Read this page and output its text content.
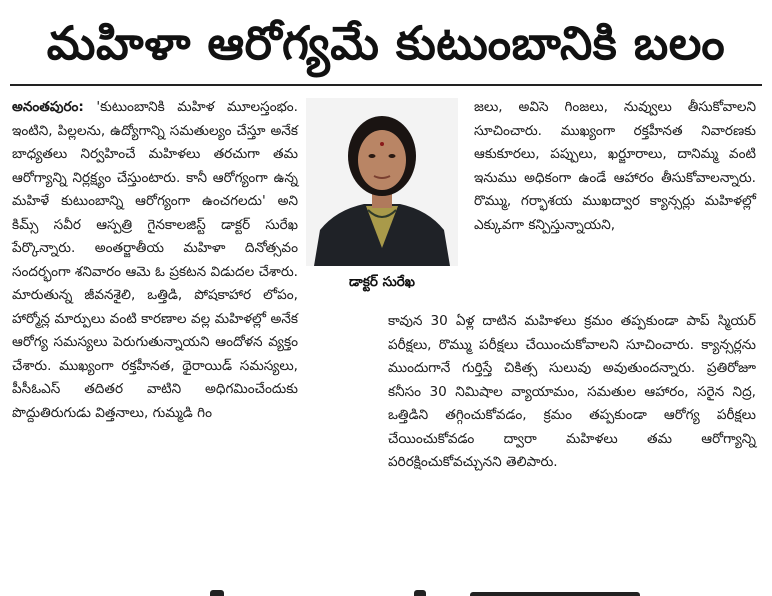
మహిళా ఆరోగ్యమే కుటుంబానికి బలం
అనంతపురం: 'కుటుంబానికి మహిళ మూలస్తంభం. ఇంటిని, పిల్లలను, ఉద్యోగాన్ని సమతుల్యం చేస్తూ అనేక బాధ్యతలు నిర్వహించే మహిళలు తరచుగా తమ ఆరోగ్యాన్ని నిర్లక్ష్యం చేస్తుంటారు. కానీ ఆరోగ్యంగా ఉన్న మహిళే కుటుంబాన్ని ఆరోగ్యంగా ఉంచగలదు' అని కిమ్స్ సవీర ఆస్పత్రి గైనకాలజిస్ట్ డాక్టర్ సురేఖ పేర్కొన్నారు. అంతర్జాతీయ మహిళా దినోత్సవం సందర్భంగా శనివారం ఆమె ఓ ప్రకటన విడుదల చేశారు. మారుతున్న జీవనశైలి, ఒత్తిడి, పోషకాహార లోపం, హార్మోన్ల మార్పులు వంటి కారణాల వల్ల మహిళల్లో అనేక ఆరోగ్య సమస్యలు పెరుగుతున్నాయని ఆందోళన వ్యక్తం చేశారు. ముఖ్యంగా రక్తహీనత, థైరాయిడ్ సమస్యలు, పీసీఓఎస్ తదితర వాటిని అధిగమించేందుకు పొద్దుతిరుగుడు విత్తనాలు, గుమ్మడి గిం
డాక్టర్ సురేఖ
జలు, అవిసె గింజలు, నువ్వులు తీసుకోవాలని సూచించారు. ముఖ్యంగా రక్తహీనత నివారణకు ఆకుకూరలు, పప్పులు, ఖర్జూరాలు, దానిమ్మ వంటి ఇనుము అధికంగా ఉండే ఆహారం తీసుకోవాలన్నారు. రొమ్ము, గర్భాశయ ముఖద్వార క్యాన్సర్లు మహిళల్లో ఎక్కువగా కన్పిస్తున్నాయని,
కావున 30 ఏళ్ల దాటిన మహిళలు క్రమం తప్పకుండా పాప్ స్మియర్ పరీక్షలు, రొమ్ము పరీక్షలు చేయించుకోవాలని సూచించారు. క్యాన్సర్లను ముందుగానే గుర్తిస్తే చికిత్స సులువు అవుతుందన్నారు. ప్రతిరోజూ కనీసం 30 నిమిషాల వ్యాయామం, సమతుల ఆహారం, సరైన నిద్ర, ఒత్తిడిని తగ్గించుకోవడం, క్రమం తప్పకుండా ఆరోగ్య పరీక్షలు చేయించుకోవడం ద్వారా మహిళలు తమ ఆరోగ్యాన్ని పరిరక్షించుకోవచ్చునని తెలిపారు.
